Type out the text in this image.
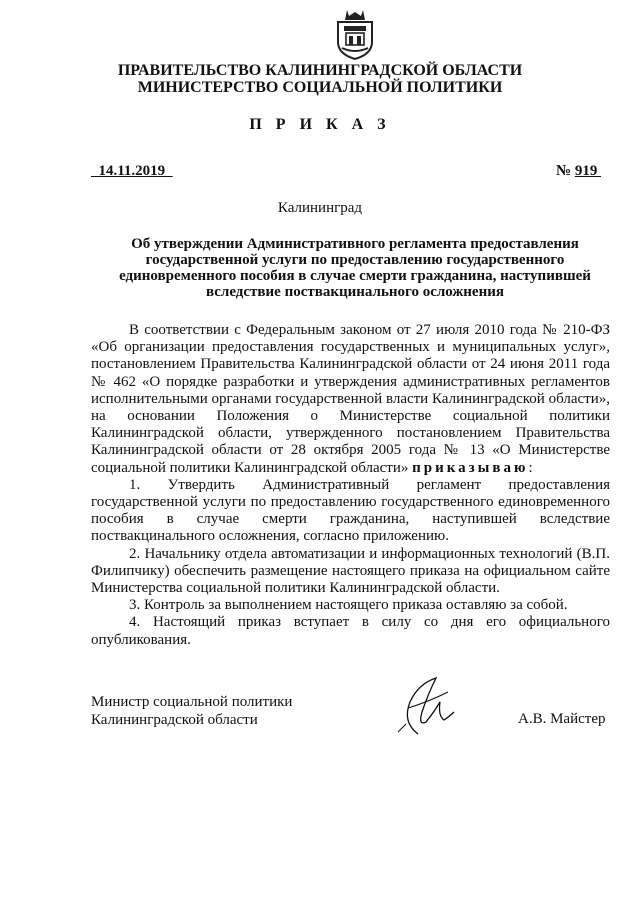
ПРАВИТЕЛЬСТВО КАЛИНИНГРАДСКОЙ ОБЛАСТИ
МИНИСТЕРСТВО СОЦИАЛЬНОЙ ПОЛИТИКИ
П Р И К А З
14.11.2019	№ 919
Калининград
Об утверждении Административного регламента предоставления государственной услуги по предоставлению государственного единовременного пособия в случае смерти гражданина, наступившей вследствие поствакцинального осложнения

В соответствии с Федеральным законом от 27 июля 2010 года № 210-ФЗ «Об организации предоставления государственных и муниципальных услуг», постановлением Правительства Калининградской области от 24 июня 2011 года № 462 «О порядке разработки и утверждения административных регламентов исполнительными органами государственной власти Калининградской области», на основании Положения о Министерстве социальной политики Калининградской области, утвержденного постановлением Правительства Калининградской области от 28 октября 2005 года № 13 «О Министерстве социальной политики Калининградской области» приказываю:

1. Утвердить Административный регламент предоставления государственной услуги по предоставлению государственного единовременного пособия в случае смерти гражданина, наступившей вследствие поствакцинального осложнения, согласно приложению.

2. Начальнику отдела автоматизации и информационных технологий (В.П. Филипчику) обеспечить размещение настоящего приказа на официальном сайте Министерства социальной политики Калининградской области.

3. Контроль за выполнением настоящего приказа оставляю за собой.

4. Настоящий приказ вступает в силу со дня его официального опубликования.

Министр социальной политики
Калининградской области	А.В. Майстер
